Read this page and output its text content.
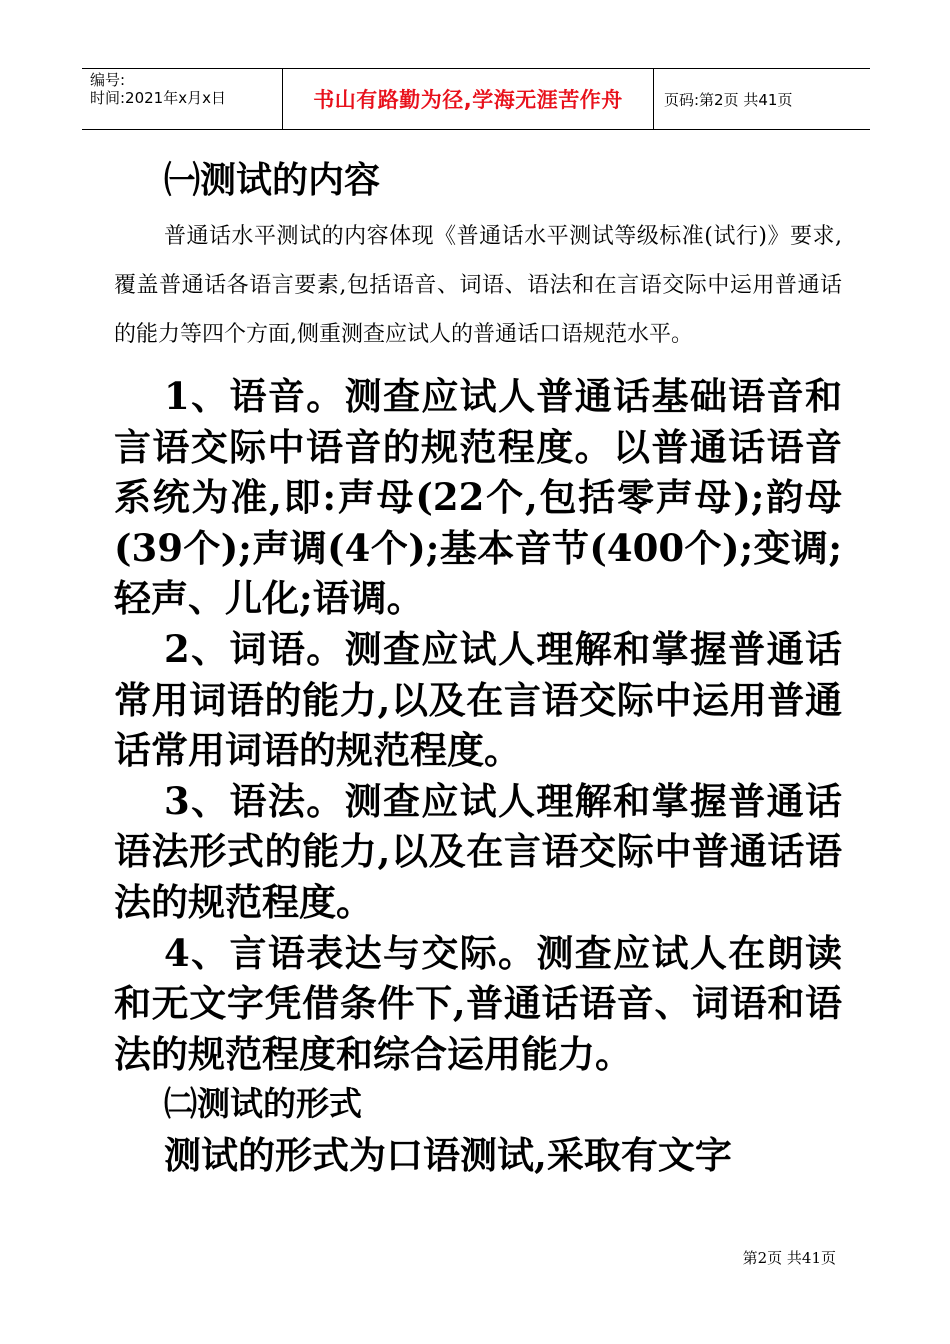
编号:
时间:2021年x月x日	书山有路勤为径,学海无涯苦作舟	页码:第2页 共41页
㈠测试的内容

普通话水平测试的内容体现《普通话水平测试等级标准(试行)》要求,覆盖普通话各语言要素,包括语音、词语、语法和在言语交际中运用普通话的能力等四个方面,侧重测查应试人的普通话口语规范水平。

1、语音。测查应试人普通话基础语音和言语交际中语音的规范程度。以普通话语音系统为准,即:声母(22个,包括零声母);韵母(39个);声调(4个);基本音节(400个);变调;轻声、儿化;语调。

2、词语。测查应试人理解和掌握普通话常用词语的能力,以及在言语交际中运用普通话常用词语的规范程度。

3、语法。测查应试人理解和掌握普通话语法形式的能力,以及在言语交际中普通话语法的规范程度。

4、言语表达与交际。测查应试人在朗读和无文字凭借条件下,普通话语音、词语和语法的规范程度和综合运用能力。

㈡测试的形式

测试的形式为口语测试,采取有文字

第2页 共41页
